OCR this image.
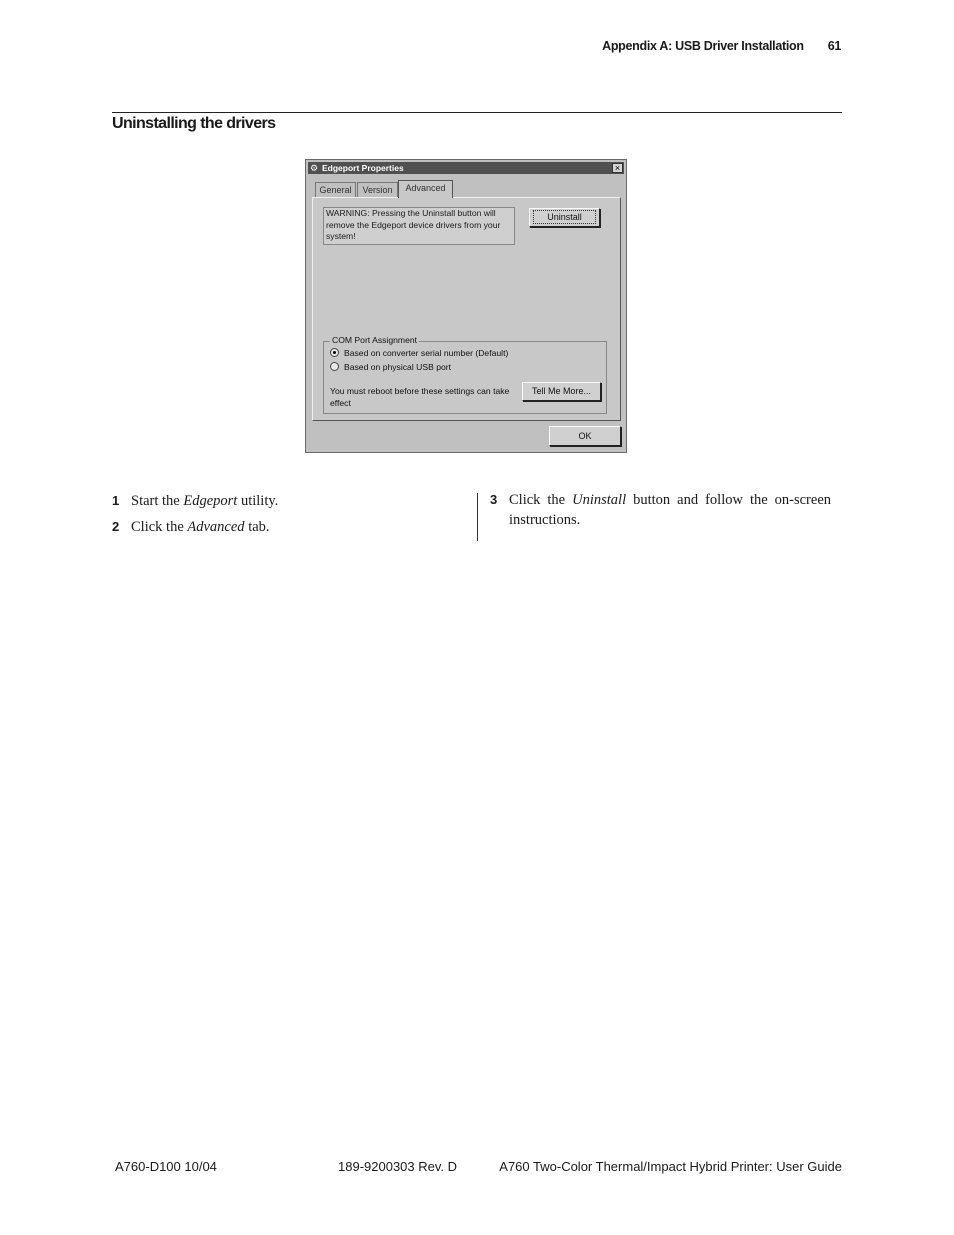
Appendix A: USB Driver Installation 61
Uninstalling the drivers
⚙ Edgeport Properties	×
General	Version	Advanced
WARNING: Pressing the Uninstall button will remove the Edgeport device drivers from your system!
Uninstall
COM Port Assignment
Based on converter serial number (Default)
Based on physical USB port
You must reboot before these settings can take effect
Tell Me More...
OK
1 Start the Edgeport utility.
2 Click the Advanced tab.
3 Click the Uninstall button and follow the on-screen instructions.
A760-D100 10/04	189-9200303 Rev. D	A760 Two-Color Thermal/Impact Hybrid Printer: User Guide
